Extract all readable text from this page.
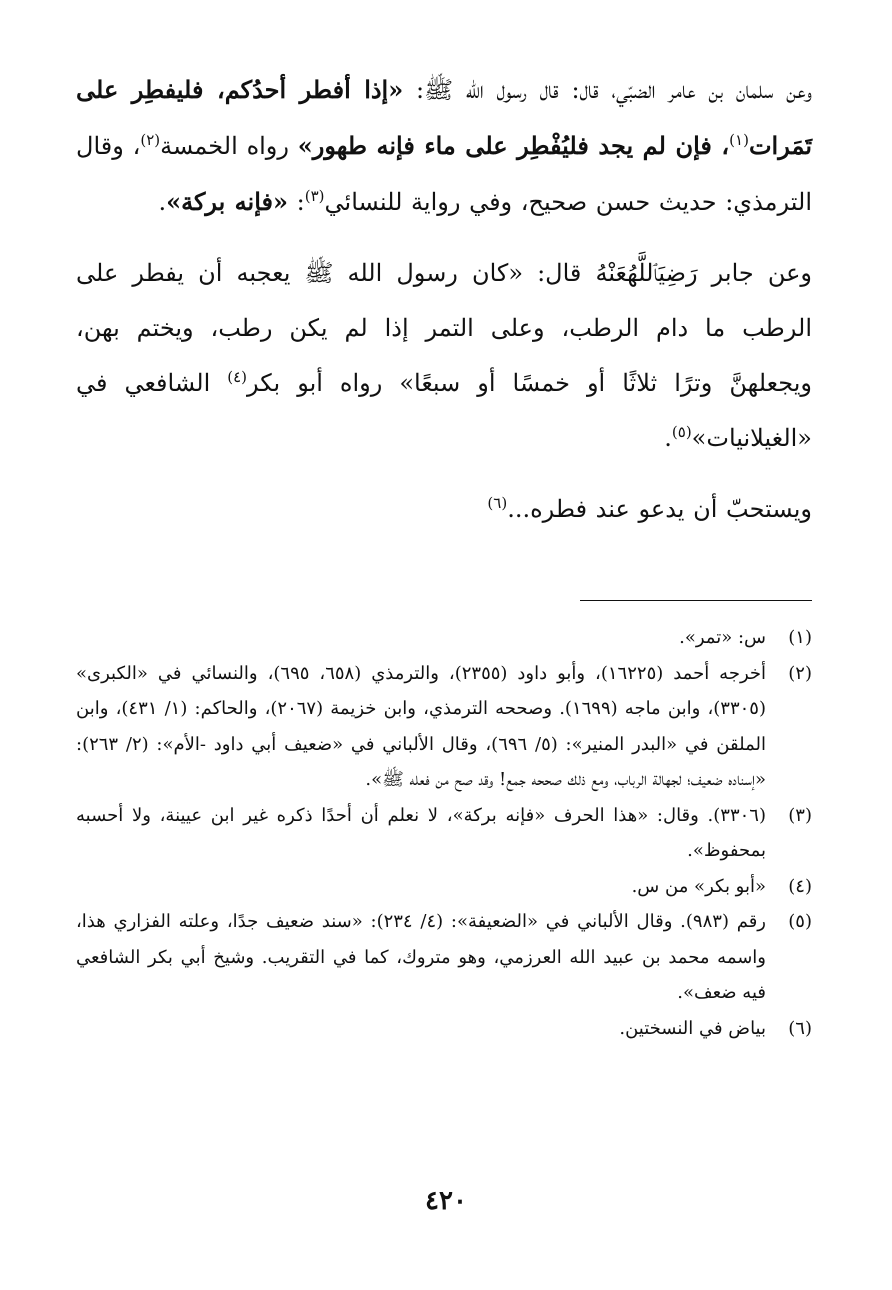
وعن سلمان بن عامر الضبّي، قال: قال رسول الله ﷺ: «إذا أفطر أحدُكم، فليفطِر على تَمَرات$^{(١)}$، فإن لم يجد فليُفْطِر على ماء فإنه طهور» رواه الخمسة$^{(٢)}$، وقال الترمذي: حديث حسن صحيح، وفي رواية للنسائي$^{(٣)}$: «فإنه بركة».

وعن جابر رَضِيَٱللَّهُعَنْهُ قال: «كان رسول الله ﷺ يعجبه أن يفطر على الرطب ما دام الرطب، وعلى التمر إذا لم يكن رطب، ويختم بهن، ويجعلهنَّ وترًا ثلاثًا أو خمسًا أو سبعًا» رواه أبو بكر$^{(٤)}$ الشافعي في «الغيلانيات»$^{(٥)}$.

ويستحبّ أن يدعو عند فطره...$^{(٦)}$

(١)
س: «تمر».
(٢)
أخرجه أحمد (١٦٢٢٥)، وأبو داود (٢٣٥٥)، والترمذي (٦٥٨، ٦٩٥)، والنسائي في «الكبرى» (٣٣٠٥)، وابن ماجه (١٦٩٩). وصححه الترمذي، وابن خزيمة (٢٠٦٧)، والحاكم: (١/ ٤٣١)، وابن الملقن في «البدر المنير»: (٥/ ٦٩٦)، وقال الألباني في «ضعيف أبي داود -الأم»: (٢/ ٢٦٣): «إسناده ضعيف؛ لجهالة الرباب، ومع ذلك صححه جمع! وقد صح من فعله ﷺ».
(٣)
(٣٣٠٦). وقال: «هذا الحرف «فإنه بركة»، لا نعلم أن أحدًا ذكره غير ابن عيينة، ولا أحسبه بمحفوظ».
(٤)
«أبو بكر» من س.
(٥)
رقم (٩٨٣). وقال الألباني في «الضعيفة»: (٤/ ٢٣٤): «سند ضعيف جدًا، وعلته الفزاري هذا، واسمه محمد بن عبيد الله العرزمي، وهو متروك، كما في التقريب. وشيخ أبي بكر الشافعي فيه ضعف».
(٦)
بياض في النسختين.
٤٢٠
